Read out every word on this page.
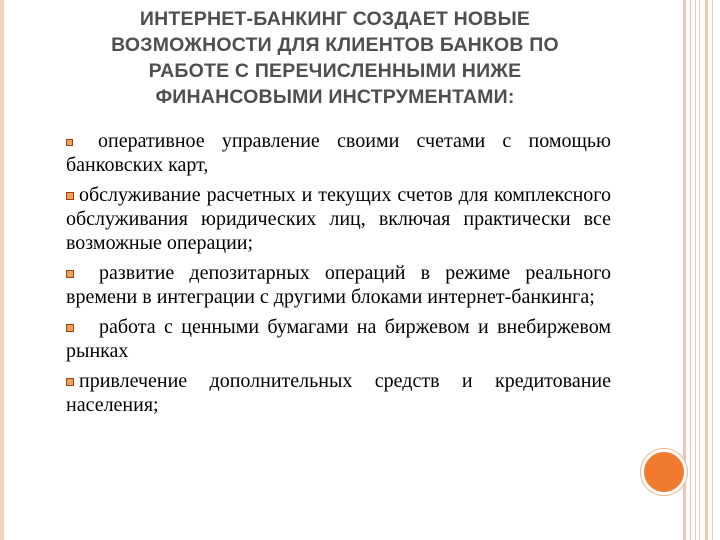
ИНТЕРНЕТ-БАНКИНГ СОЗДАЕТ НОВЫЕ
ВОЗМОЖНОСТИ ДЛЯ КЛИЕНТОВ БАНКОВ ПО
РАБОТЕ С ПЕРЕЧИСЛЕННЫМИ НИЖЕ
ФИНАНСОВЫМИ ИНСТРУМЕНТАМИ:
оперативное управление своими счетами с помощью банковских карт,
обслуживание расчетных и текущих счетов для комплексного обслуживания юридических лиц, включая практически все возможные операции;
развитие депозитарных операций в режиме реального времени в интеграции с другими блоками интернет-банкинга;
работа с ценными бумагами на биржевом и внебиржевом рынках
привлечение дополнительных средств и кредитование населения;
